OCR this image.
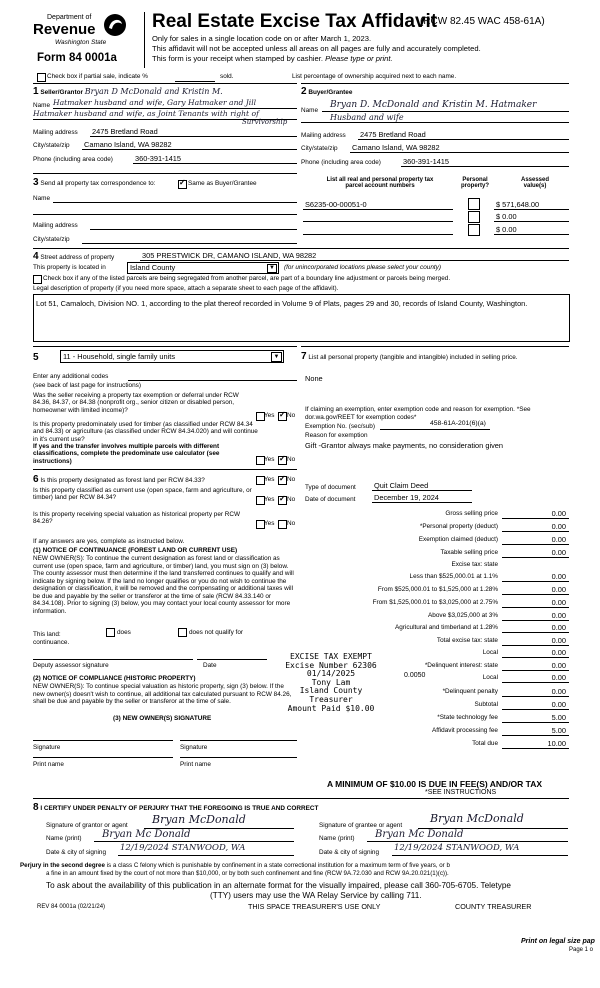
Department of
Revenue
Washington State
Form 84 0001a
Real Estate Excise Tax Affidavit
(RCW 82.45 WAC 458-61A)
Only for sales in a single location code on or after March 1, 2023.
This affidavit will not be accepted unless all areas on all pages are fully and accurately completed.
This form is your receipt when stamped by cashier. Please type or print.
Check box if partial sale, indicate %	sold.	List percentage of ownership acquired next to each name.
1 Seller/Grantor Bryan D McDonald and Kristin M.
Name Hatmaker husband and wife, Gary Hatmaker and Jill
Hatmaker husband and wife, as Joint Tenants with right of
Survivorship
Mailing address 2475 Bretland Road
City/state/zip Camano Island, WA 98282
Phone (including area code)	360-391-1415
2 Buyer/Grantee
Name
Bryan D. McDonald and Kristin M. Hatmaker
Husband and wife
Mailing address 2475 Bretland Road
City/state/zip Camano Island, WA 98282
Phone (including area code)	360-391-1415
3 Send all property tax correspondence to: ✓	Same as Buyer/Grantee
Name
Mailing address
City/state/zip
List all real and personal property tax
parcel account numbers
Personal
property?
Assessed
value(s)
S6235-00-00051-0	$ 571,648.00
$ 0.00
$ 0.00
4 Street address of property	305 PRESTWICK DR, CAMANO ISLAND, WA 98282
This property is located in	Island County	▼	(for unincorporated locations please select your county)
Check box if any of the listed parcels are being segregated from another parcel, are part of a boundary line adjustment or parcels being merged.
Legal description of property (if you need more space, attach a separate sheet to each page of the affidavit).
Lot 51, Camaloch, Division NO. 1, according to the plat thereof recorded in Volume 9 of Plats, pages 29 and 30, records of Island County, Washington.
5	11 - Household, single family units	▼
Enter any additional codes
(see back of last page for instructions)
Was the seller receiving a property tax exemption or deferral under RCW 84.36, 84.37, or 84.38 (nonprofit org., senior citizen or disabled person, homeowner with limited income)?
Yes ✓ No
Is this property predominately used for timber (as classified under RCW 84.34 and 84.33) or agriculture (as classified under RCW 84.34.020) and will continue in it's current use?
If yes and the transfer involves multiple parcels with different classifications, complete the predominate use calculator (see instructions)	Yes ✓ No
6 Is this property designated as forest land per RCW 84.33?	Yes ✓ No
Is this property classified as current use (open space, farm and agriculture, or timber) land per RCW 84.34?	Yes ✓ No
Is this property receiving special valuation as historical property per RCW 84.26?	Yes No
If any answers are yes, complete as instructed below.
(1) NOTICE OF CONTINUANCE (FOREST LAND OR CURRENT USE)
NEW OWNER(S): To continue the current designation as forest land or classification as current use (open space, farm and agriculture, or timber) land, you must sign on (3) below. The county assessor must then determine if the land transferred continues to qualify and will indicate by signing below. If the land no longer qualifies or you do not wish to continue the designation or classification, it will be removed and the compensating or additional taxes will be due and payable by the seller or transferor at the time of sale (RCW 84.33.140 or 84.34.108). Prior to signing (3) below, you may contact your local county assessor for more information.
This land:
continuance.
does	does not qualify for
Deputy assessor signature	Date
(2) NOTICE OF COMPLIANCE (HISTORIC PROPERTY)
NEW OWNER(S): To continue special valuation as historic property, sign (3) below. If the new owner(s) doesn't wish to continue, all additional tax calculated pursuant to RCW 84.26, shall be due and payable by the seller or transferor at the time of sale.
(3) NEW OWNER(S) SIGNATURE
Signature	Signature
Print name	Print name
7 List all personal property (tangible and intangible) included in selling price.
None
If claiming an exemption, enter exemption code and reason for exemption. *See dor.wa.gov/REET for exemption codes*
Exemption No. (sec/sub)	458-61A-201(6)(a)
Reason for exemption
Gift -Grantor always make payments, no consideration given
Type of document Quit Claim Deed
Date of document	December 19, 2024
Gross selling price	0.00
*Personal property (deduct)	0.00
Exemption claimed (deduct)	0.00
Taxable selling price	0.00
Excise tax: state
Less than $525,000.01 at 1.1%	0.00
From $525,000.01 to $1,525,000 at 1.28%	0.00
From $1,525,000.01 to $3,025,000 at 2.75%	0.00
Above $3,025,000 at 3%	0.00
Agricultural and timberland at 1.28%	0.00
Total excise tax: state	0.00
Local	0.00
*Delinquent interest: state	0.00
Local	0.00
*Delinquent penalty	0.00
Subtotal	0.00
*State technology fee	5.00
Affidavit processing fee	5.00
Total due	10.00
0.0050
EXCISE TAX EXEMPT
Excise Number 62306
01/14/2025
Tony Lam
Island County Treasurer
Amount Paid $10.00
A MINIMUM OF $10.00 IS DUE IN FEE(S) AND/OR TAX
*SEE INSTRUCTIONS
8 I CERTIFY UNDER PENALTY OF PERJURY THAT THE FOREGOING IS TRUE AND CORRECT
Signature of grantor or agent Bryan McDonald
Name (print) Bryan Mc Donald
Date & city of signing 12/19/2024 STANWOOD, WA
Signature of grantee or agent
Bryan McDonald
Name (print) Bryan Mc Donald
Date & city of signing 12/19/2024 STANWOOD, WA
Perjury in the second degree is a class C felony which is punishable by confinement in a state correctional institution for a maximum term of five years, or b
a fine in an amount fixed by the court of not more than $10,000, or by both such confinement and fine (RCW 9A.72.030 and RCW 9A.20.021(1)(c)).
To ask about the availability of this publication in an alternate format for the visually impaired, please call 360-705-6705. Teletype
(TTY) users may use the WA Relay Service by calling 711.
REV 84 0001a (02/21/24)	THIS SPACE TREASURER'S USE ONLY	COUNTY TREASURER
Print on legal size pap
Page 1 o
